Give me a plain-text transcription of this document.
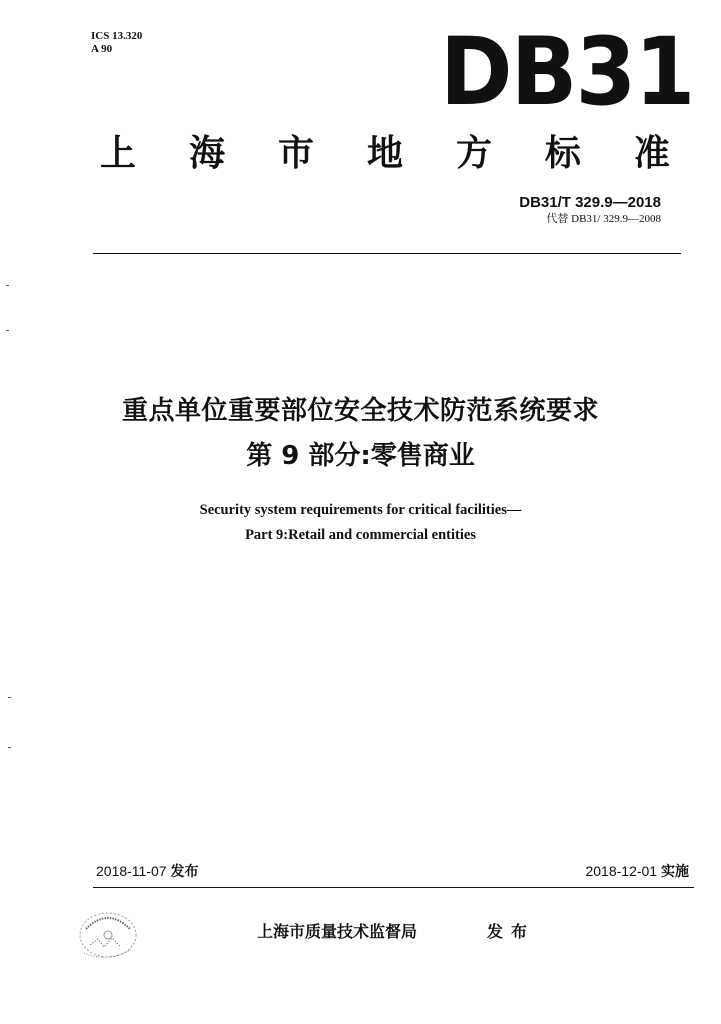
ICS 13.320
A 90	DB31
上 海 市 地 方 标 准
DB31/T 329.9—2018
代替 DB31/ 329.9—2008
重点单位重要部位安全技术防范系统要求
第 9 部分:零售商业
Security system requirements for critical facilities—
Part 9:Retail and commercial entities
2018-11-07 发布	2018-12-01 实施
上海市质量技术监督局	发布
